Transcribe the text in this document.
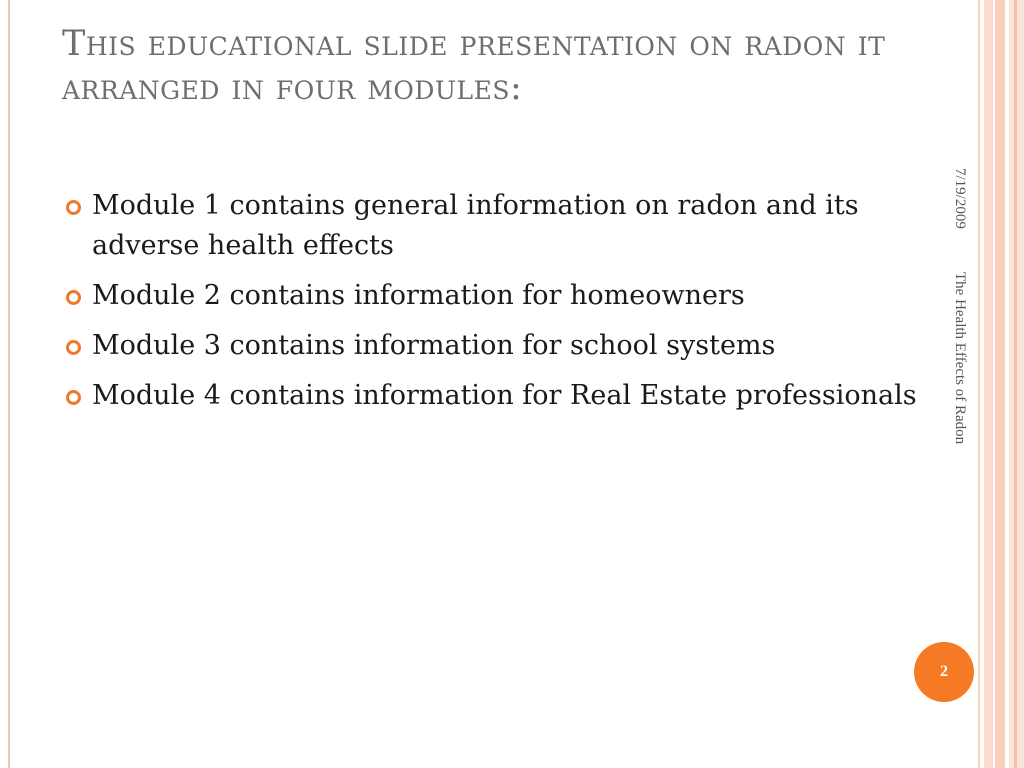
This educational slide presentation on radon it arranged in four modules:
Module 1 contains general information on radon and its adverse health effects
Module 2 contains information for homeowners
Module 3 contains information for school systems
Module 4 contains information for Real Estate professionals
7/19/2009
The Health Effects of Radon
2
